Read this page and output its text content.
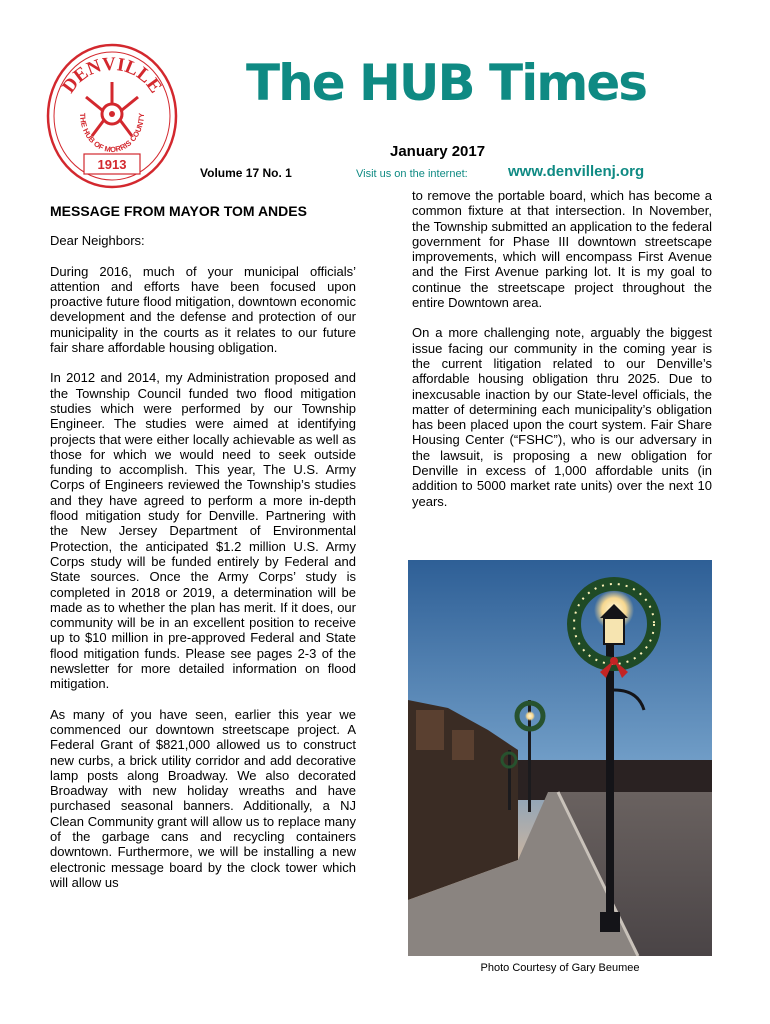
DENVILLE
THE HUB OF MORRIS COUNTY
1913
The HUB Times
January 2017
Volume 17 No. 1	Visit us on the internet:	www.denvillenj.org
MESSAGE FROM MAYOR TOM ANDES

Dear Neighbors:

During 2016, much of your municipal officials’ attention and efforts have been focused upon proactive future flood mitigation, downtown economic development and the defense and protection of our municipality in the courts as it relates to our future fair share affordable housing obligation.

In 2012 and 2014, my Administration proposed and the Township Council funded two flood mitigation studies which were performed by our Township Engineer. The studies were aimed at identifying projects that were either locally achievable as well as those for which we would need to seek outside funding to accomplish. This year, The U.S. Army Corps of Engineers reviewed the Township’s studies and they have agreed to perform a more in-depth flood mitigation study for Denville. Partnering with the New Jersey Department of Environmental Protection, the anticipated $1.2 million U.S. Army Corps study will be funded entirely by Federal and State sources. Once the Army Corps’ study is completed in 2018 or 2019, a determination will be made as to whether the plan has merit. If it does, our community will be in an excellent position to receive up to $10 million in pre-approved Federal and State flood mitigation funds. Please see pages 2-3 of the newsletter for more detailed information on flood mitigation.

As many of you have seen, earlier this year we commenced our downtown streetscape project. A Federal Grant of $821,000 allowed us to construct new curbs, a brick utility corridor and add decorative lamp posts along Broadway. We also decorated Broadway with new holiday wreaths and have purchased seasonal banners. Additionally, a NJ Clean Community grant will allow us to replace many of the garbage cans and recycling containers downtown. Furthermore, we will be installing a new electronic message board by the clock tower which will allow us

to remove the portable board, which has become a common fixture at that intersection. In November, the Township submitted an application to the federal government for Phase III downtown streetscape improvements, which will encompass First Avenue and the First Avenue parking lot. It is my goal to continue the streetscape project throughout the entire Downtown area.

On a more challenging note, arguably the biggest issue facing our community in the coming year is the current litigation related to our Denville’s affordable housing obligation thru 2025. Due to inexcusable inaction by our State-level officials, the matter of determining each municipality’s obligation has been placed upon the court system. Fair Share Housing Center (“FSHC”), who is our adversary in the lawsuit, is proposing a new obligation for Denville in excess of 1,000 affordable units (in addition to 5000 market rate units) over the next 10 years.

Photo Courtesy of Gary Beumee
